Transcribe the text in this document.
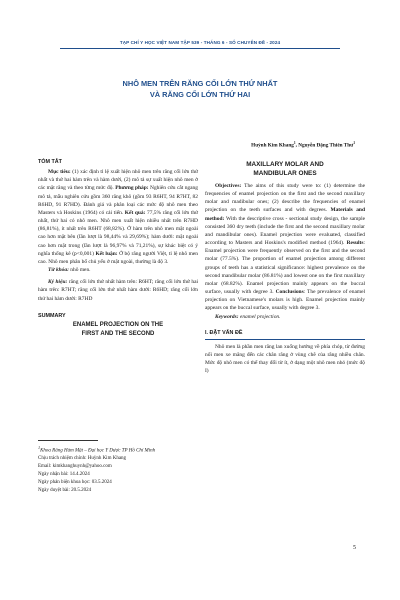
TẠP CHÍ Y HỌC VIỆT NAM TẬP 539 - THÁNG 6 - SỐ CHUYÊN ĐỀ - 2024
NHÔ MEN TRÊN RĂNG CỐI LỚN THỨ NHẤT
VÀ RĂNG CỐI LỚN THỨ HAI
Huỳnh Kim Khang$^1$, Nguyễn Đặng Thiên Thư$^1$

TÓM TẮT

Mục tiêu: (1) xác định tỉ lệ xuất hiện nhô men trên răng cối lớn thứ nhất và thứ hai hàm trên và hàm dưới, (2) mô tả sự xuất hiện nhô men ở các mặt răng và theo từng mức độ. Phương pháp: Nghiên cứu cắt ngang mô tả, mẫu nghiên cứu gồm 360 răng khô (gồm 93 R6HT, 94 R7HT, 82 R6HD, 91 R7HD). Đánh giá và phân loại các mức độ nhô men theo Masters và Hoskins (1964) có cải tiến. Kết quả: 77,5% răng cối lớn thứ nhất, thứ hai có nhô men. Nhô men xuất hiện nhiều nhất trên R7HD (86,81%), ít nhất trên R6HT (68,82%). Ở hàm trên nhô men mặt ngoài cao hơn mặt bên (lần lượt là 98,44% và 29,69%); hàm dưới: mặt ngoài cao hơn mặt trong (lần lượt là 96,97% và 71,21%), sự khác biệt có ý nghĩa thống kê (p<0,001) Kết luận: Ở bộ răng người Việt, tỉ lệ nhô men cao. Nhô men phân bố chủ yếu ở mặt ngoài, thường là độ 3.

Từ khóa: nhô men.

Ký hiệu: răng cối lớn thứ nhất hàm trên: R6HT; răng cối lớn thứ hai hàm trên: R7HT; răng cối lớn thứ nhất hàm dưới: R6HD; răng cối lớn thứ hai hàm dưới: R7HD

SUMMARY

ENAMEL PROJECTION ON THE

FIRST AND THE SECOND

$^1$Khoa Răng Hàm Mặt – Đại học Y Dược TP Hồ Chí Minh

Chịu trách nhiệm chính: Huỳnh Kim Khang

Email: kimkhanghuynh@yahoo.com

Ngày nhận bài: 14.4.2024

Ngày phản biện khoa học: 03.5.2024

Ngày duyệt bài: 20.5.2024

MAXILLARY MOLAR AND

MANDIBULAR ONES

Objectives: The aims of this study were to: (1) determine the frequencies of enamel projection on the first and the second maxillary molar and madibular ones; (2) describe the frequencies of enamel projection on the teeth surfaces and with degrees. Materials and method: With the descriptive cross - sectional study design, the sample consisted 360 dry teeth (include the first and the second maxillary molar and mandibular ones). Enamel projection were evaluated, classified according to Masters and Hoskins's modified method (1964). Results: Enamel projection were frequently observed on the first and the second molar (77.5%). The proportion of enamel projection among different groups of teeth has a statistical significance: highest prevalence on the second mandibular molar (86.81%) and lowest one on the first maxillary molar (68.82%). Enamel projection mainly appears on the buccal surface, usually with degree 3. Conclusions: The prevalence of enamel projection on Vietnamese's molars is high. Enamel projection mainly appears on the buccal surface, usually with degree 3.

Keywords: enamel projection.

I. ĐẶT VẤN ĐỀ

Nhô men là phần men răng lan xuống hướng về phía chóp, từ đường nối men xe măng đến các chân răng ở vùng chẽ của răng nhiều chân. Mức độ nhô men có thể thay đổi từ ít, ở dạng một nhô men nhỏ (mức độ I)

5
